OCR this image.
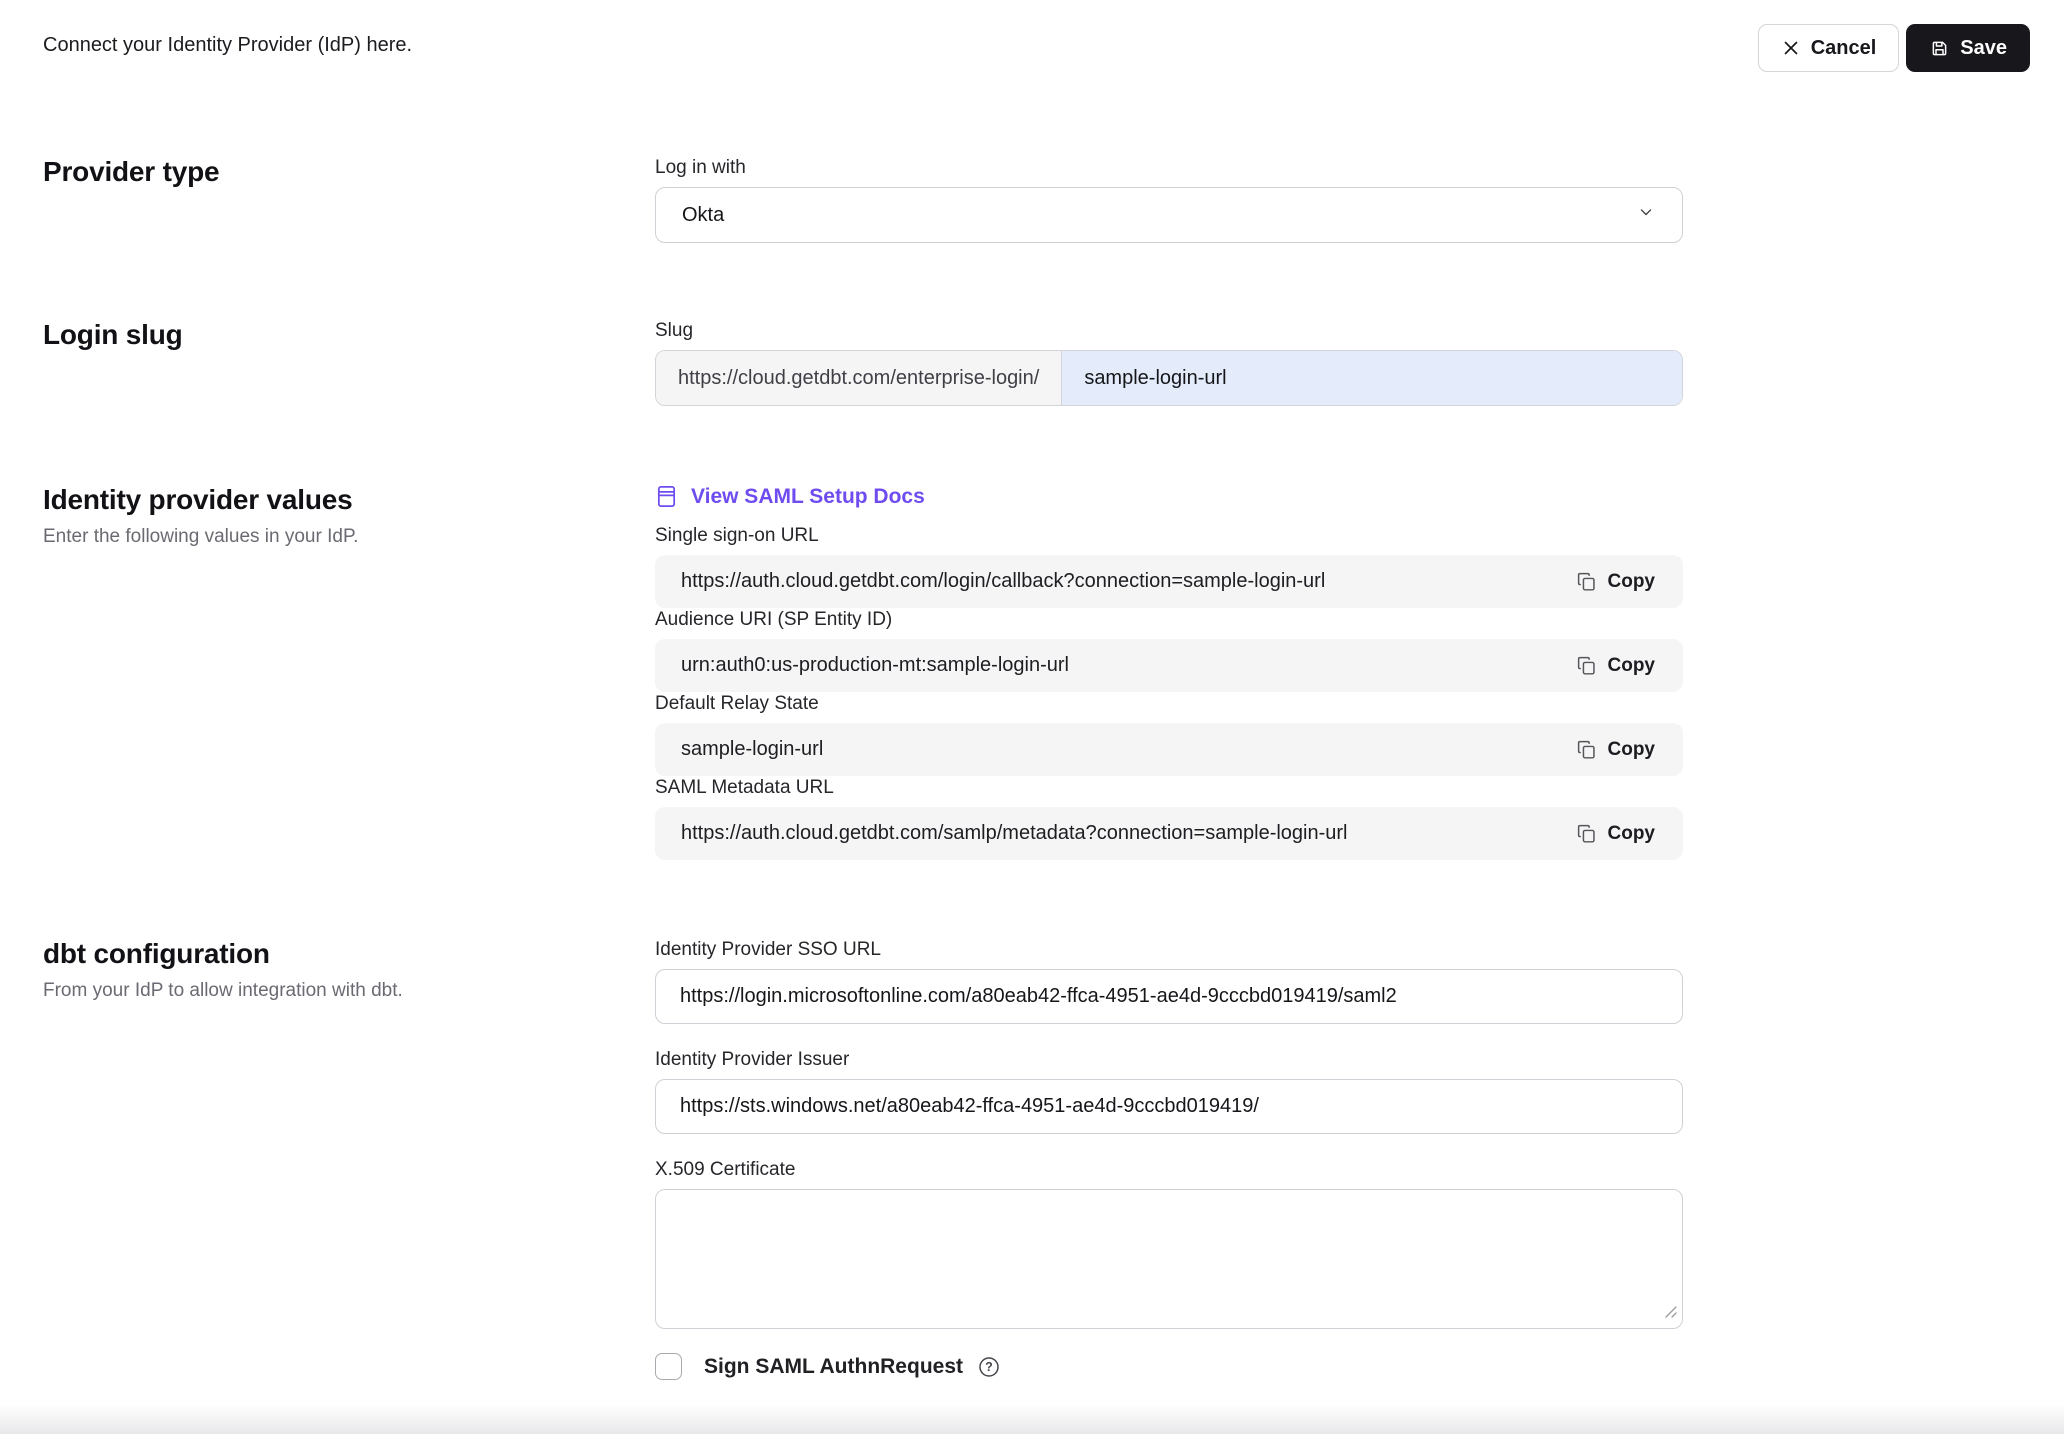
Connect your Identity Provider (IdP) here.	Cancel	Save
Provider type	Log in with
Okta
Login slug	Slug
https://cloud.getdbt.com/enterprise-login/
sample-login-url
Identity provider values
Enter the following values in your IdP.
View SAML Setup Docs
Single sign-on URL
https://auth.cloud.getdbt.com/login/callback?connection=sample-login-url	Copy
Audience URI (SP Entity ID)
urn:auth0:us-production-mt:sample-login-url	Copy
Default Relay State
sample-login-url	Copy
SAML Metadata URL
https://auth.cloud.getdbt.com/samlp/metadata?connection=sample-login-url	Copy
dbt configuration
From your IdP to allow integration with dbt.
Identity Provider SSO URL
https://login.microsoftonline.com/a80eab42-ffca-4951-ae4d-9cccbd019419/saml2
Identity Provider Issuer
https://sts.windows.net/a80eab42-ffca-4951-ae4d-9cccbd019419/
X.509 Certificate
Sign SAML AuthnRequest ?
